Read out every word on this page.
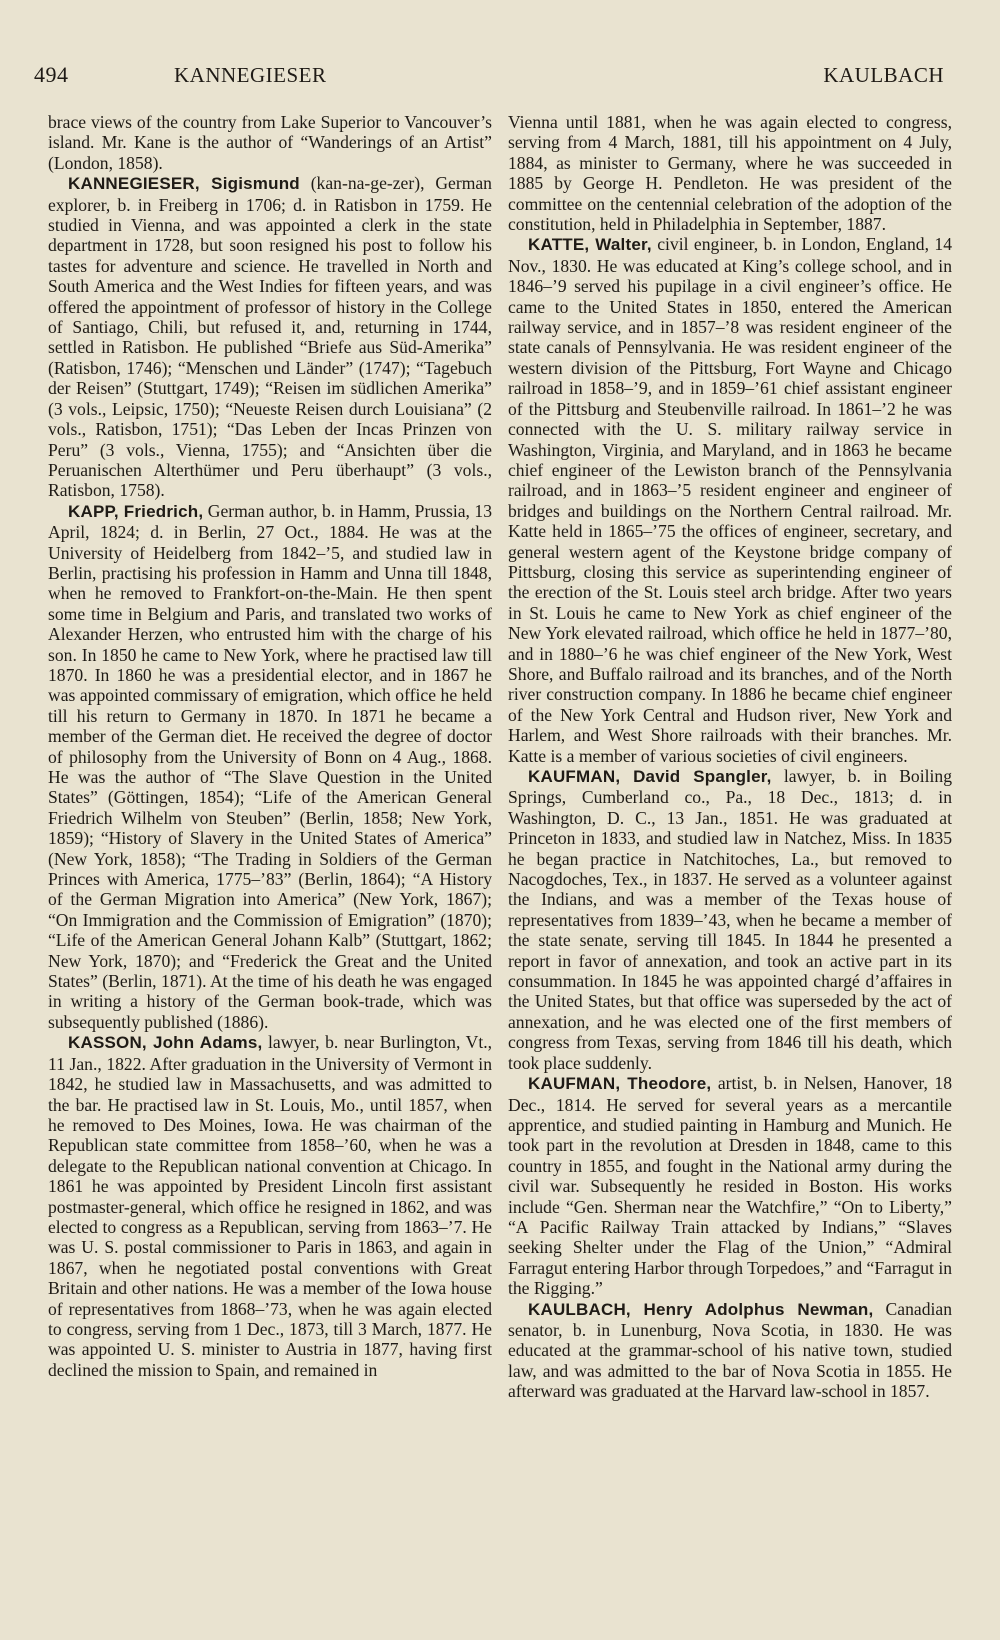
494	KANNEGIESER	KAULBACH

brace views of the country from Lake Superior to Vancouver’s island. Mr. Kane is the author of “Wanderings of an Artist” (London, 1858).

KANNEGIESER, Sigismund (kan-na-ge-zer), German explorer, b. in Freiberg in 1706; d. in Ratisbon in 1759. He studied in Vienna, and was appointed a clerk in the state department in 1728, but soon resigned his post to follow his tastes for adventure and science. He travelled in North and South America and the West Indies for fifteen years, and was offered the appointment of professor of history in the College of Santiago, Chili, but refused it, and, returning in 1744, settled in Ratisbon. He published “Briefe aus Süd-Amerika” (Ratisbon, 1746); “Menschen und Länder” (1747); “Tagebuch der Reisen” (Stuttgart, 1749); “Reisen im südlichen Amerika” (3 vols., Leipsic, 1750); “Neueste Reisen durch Louisiana” (2 vols., Ratisbon, 1751); “Das Leben der Incas Prinzen von Peru” (3 vols., Vienna, 1755); and “Ansichten über die Peruanischen Alterthümer und Peru überhaupt” (3 vols., Ratisbon, 1758).

KAPP, Friedrich, German author, b. in Hamm, Prussia, 13 April, 1824; d. in Berlin, 27 Oct., 1884. He was at the University of Heidelberg from 1842–’5, and studied law in Berlin, practising his profession in Hamm and Unna till 1848, when he removed to Frankfort-on-the-Main. He then spent some time in Belgium and Paris, and translated two works of Alexander Herzen, who entrusted him with the charge of his son. In 1850 he came to New York, where he practised law till 1870. In 1860 he was a presidential elector, and in 1867 he was appointed commissary of emigration, which office he held till his return to Germany in 1870. In 1871 he became a member of the German diet. He received the degree of doctor of philosophy from the University of Bonn on 4 Aug., 1868. He was the author of “The Slave Question in the United States” (Göttingen, 1854); “Life of the American General Friedrich Wilhelm von Steuben” (Berlin, 1858; New York, 1859); “History of Slavery in the United States of America” (New York, 1858); “The Trading in Soldiers of the German Princes with America, 1775–’83” (Berlin, 1864); “A History of the German Migration into America” (New York, 1867); “On Immigration and the Commission of Emigration” (1870); “Life of the American General Johann Kalb” (Stuttgart, 1862; New York, 1870); and “Frederick the Great and the United States” (Berlin, 1871). At the time of his death he was engaged in writing a history of the German book-trade, which was subsequently published (1886).

KASSON, John Adams, lawyer, b. near Burlington, Vt., 11 Jan., 1822. After graduation in the University of Vermont in 1842, he studied law in Massachusetts, and was admitted to the bar. He practised law in St. Louis, Mo., until 1857, when he removed to Des Moines, Iowa. He was chairman of the Republican state committee from 1858–’60, when he was a delegate to the Republican national convention at Chicago. In 1861 he was appointed by President Lincoln first assistant postmaster-general, which office he resigned in 1862, and was elected to congress as a Republican, serving from 1863–’7. He was U. S. postal commissioner to Paris in 1863, and again in 1867, when he negotiated postal conventions with Great Britain and other nations. He was a member of the Iowa house of representatives from 1868–’73, when he was again elected to congress, serving from 1 Dec., 1873, till 3 March, 1877. He was appointed U. S. minister to Austria in 1877, having first declined the mission to Spain, and remained in

Vienna until 1881, when he was again elected to congress, serving from 4 March, 1881, till his appointment on 4 July, 1884, as minister to Germany, where he was succeeded in 1885 by George H. Pendleton. He was president of the committee on the centennial celebration of the adoption of the constitution, held in Philadelphia in September, 1887.

KATTE, Walter, civil engineer, b. in London, England, 14 Nov., 1830. He was educated at King’s college school, and in 1846–’9 served his pupilage in a civil engineer’s office. He came to the United States in 1850, entered the American railway service, and in 1857–’8 was resident engineer of the state canals of Pennsylvania. He was resident engineer of the western division of the Pittsburg, Fort Wayne and Chicago railroad in 1858–’9, and in 1859–’61 chief assistant engineer of the Pittsburg and Steubenville railroad. In 1861–’2 he was connected with the U. S. military railway service in Washington, Virginia, and Maryland, and in 1863 he became chief engineer of the Lewiston branch of the Pennsylvania railroad, and in 1863–’5 resident engineer and engineer of bridges and buildings on the Northern Central railroad. Mr. Katte held in 1865–’75 the offices of engineer, secretary, and general western agent of the Keystone bridge company of Pittsburg, closing this service as superintending engineer of the erection of the St. Louis steel arch bridge. After two years in St. Louis he came to New York as chief engineer of the New York elevated railroad, which office he held in 1877–’80, and in 1880–’6 he was chief engineer of the New York, West Shore, and Buffalo railroad and its branches, and of the North river construction company. In 1886 he became chief engineer of the New York Central and Hudson river, New York and Harlem, and West Shore railroads with their branches. Mr. Katte is a member of various societies of civil engineers.

KAUFMAN, David Spangler, lawyer, b. in Boiling Springs, Cumberland co., Pa., 18 Dec., 1813; d. in Washington, D. C., 13 Jan., 1851. He was graduated at Princeton in 1833, and studied law in Natchez, Miss. In 1835 he began practice in Natchitoches, La., but removed to Nacogdoches, Tex., in 1837. He served as a volunteer against the Indians, and was a member of the Texas house of representatives from 1839–’43, when he became a member of the state senate, serving till 1845. In 1844 he presented a report in favor of annexation, and took an active part in its consummation. In 1845 he was appointed chargé d’affaires in the United States, but that office was superseded by the act of annexation, and he was elected one of the first members of congress from Texas, serving from 1846 till his death, which took place suddenly.

KAUFMAN, Theodore, artist, b. in Nelsen, Hanover, 18 Dec., 1814. He served for several years as a mercantile apprentice, and studied painting in Hamburg and Munich. He took part in the revolution at Dresden in 1848, came to this country in 1855, and fought in the National army during the civil war. Subsequently he resided in Boston. His works include “Gen. Sherman near the Watchfire,” “On to Liberty,” “A Pacific Railway Train attacked by Indians,” “Slaves seeking Shelter under the Flag of the Union,” “Admiral Farragut entering Harbor through Torpedoes,” and “Farragut in the Rigging.”

KAULBACH, Henry Adolphus Newman, Canadian senator, b. in Lunenburg, Nova Scotia, in 1830. He was educated at the grammar-school of his native town, studied law, and was admitted to the bar of Nova Scotia in 1855. He afterward was graduated at the Harvard law-school in 1857.
